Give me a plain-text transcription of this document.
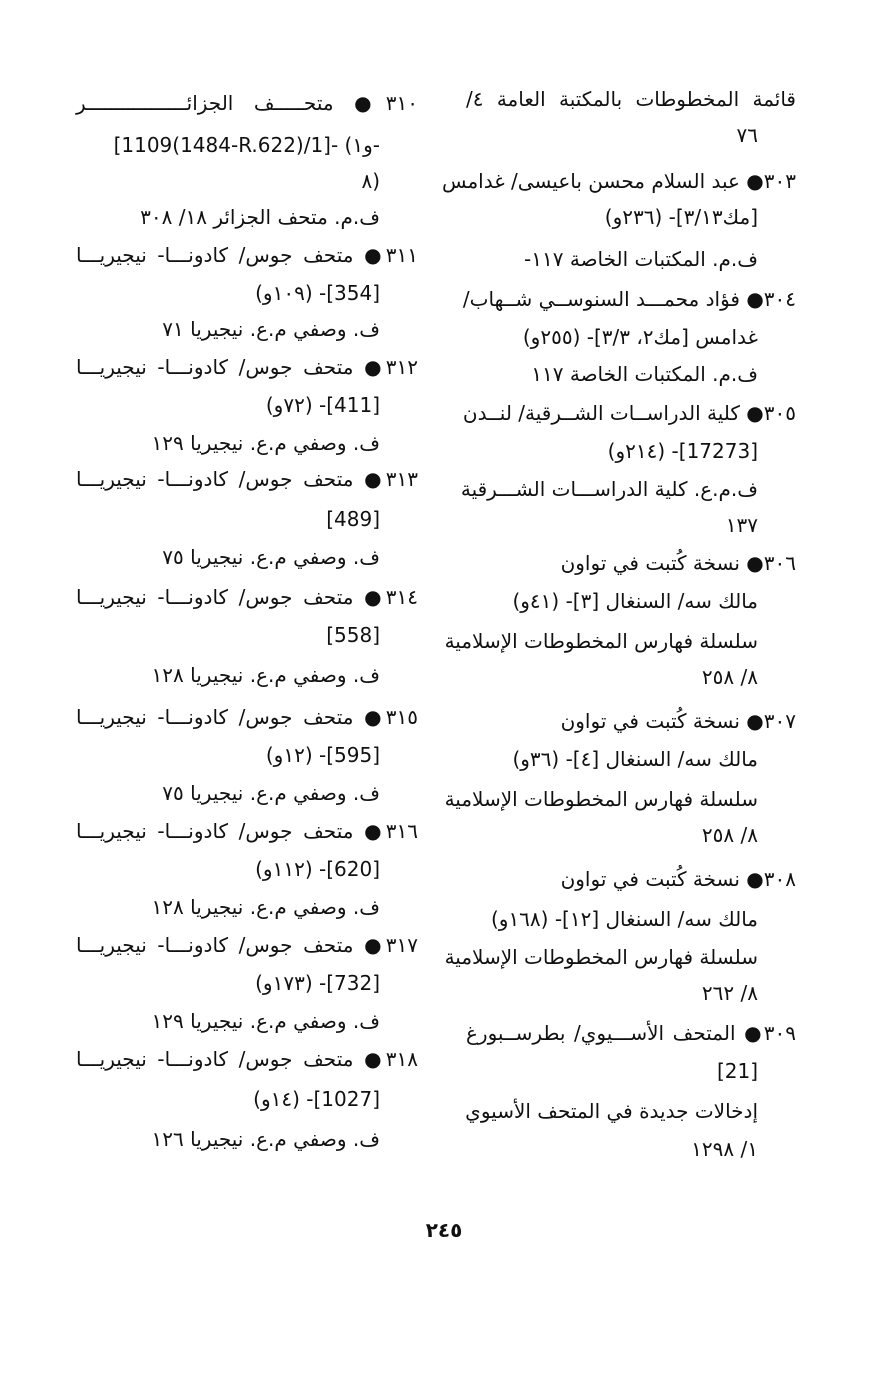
قائمة المخطوطات بالمكتبة العامة ٤/
٧٦
٣٠٣● عبد السلام محسن باعيسى/ غدامس
[مك٣/١٣]- (٢٣٦و)
ف.م. المكتبات الخاصة ١١٧-
٣٠٤● فؤاد محمـــد السنوســي شــهاب/
غدامس [مك٢، ٣/٣]- (٢٥٥و)
ف.م. المكتبات الخاصة ١١٧
٣٠٥● كلية الدراســات الشــرقية/ لنــدن
[17273]- (٢١٤و)
ف.م.ع. كلية الدراســـات الشـــرقية
١٣٧
٣٠٦● نسخة كُتبت في تواون
مالك سه/ السنغال [٣]- (٤١و)
سلسلة فهارس المخطوطات الإسلامية
٨/ ٢٥٨
٣٠٧● نسخة كُتبت في تواون
مالك سه/ السنغال [٤]- (٣٦و)
سلسلة فهارس المخطوطات الإسلامية
٨/ ٢٥٨
٣٠٨● نسخة كُتبت في تواون
مالك سه/ السنغال [١٢]- (١٦٨و)
سلسلة فهارس المخطوطات الإسلامية
٨/ ٢٦٢
٣٠٩● المتحف الأســـيوي/ بطرســبورغ
[21]
إدخالات جديدة في المتحف الأسيوي
١/ ١٢٩٨
٣١٠● متحـــــف الجزائـــــــــــــــــر
[1109(1484-R.622)/1]- (و١-
٨)
ف.م. متحف الجزائر ١٨/ ٣٠٨
٣١١● متحف جوس/ كادونـــا- نيجيريـــا
[354]- (١٠٩و)
ف. وصفي م.ع. نيجيريا ٧١
٣١٢● متحف جوس/ كادونـــا- نيجيريـــا
[411]- (٧٢و)
ف. وصفي م.ع. نيجيريا ١٢٩
٣١٣● متحف جوس/ كادونـــا- نيجيريـــا
[489]
ف. وصفي م.ع. نيجيريا ٧٥
٣١٤● متحف جوس/ كادونـــا- نيجيريـــا
[558]
ف. وصفي م.ع. نيجيريا ١٢٨
٣١٥● متحف جوس/ كادونـــا- نيجيريـــا
[595]- (١٢و)
ف. وصفي م.ع. نيجيريا ٧٥
٣١٦● متحف جوس/ كادونـــا- نيجيريـــا
[620]- (١١٢و)
ف. وصفي م.ع. نيجيريا ١٢٨
٣١٧● متحف جوس/ كادونـــا- نيجيريـــا
[732]- (١٧٣و)
ف. وصفي م.ع. نيجيريا ١٢٩
٣١٨● متحف جوس/ كادونـــا- نيجيريـــا
[1027]- (١٤و)
ف. وصفي م.ع. نيجيريا ١٢٦
٢٤٥
